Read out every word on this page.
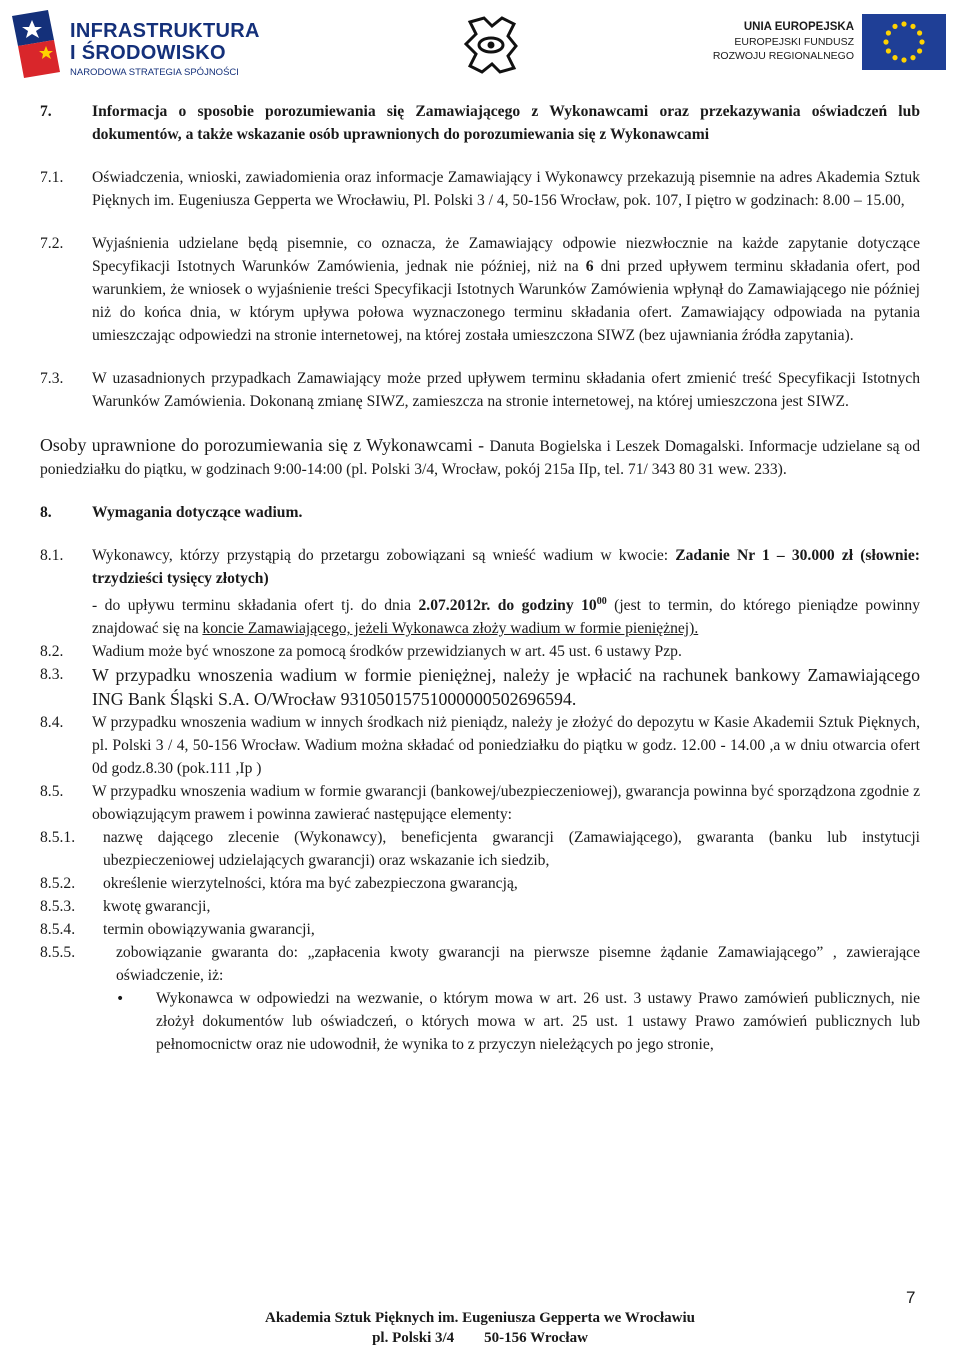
INFRASTRUKTURA
I ŚRODOWISKO
NARODOWA STRATEGIA SPÓJNOŚCI
UNIA EUROPEJSKA
EUROPEJSKI FUNDUSZ
ROZWOJU REGIONALNEGO
7.	Informacja o sposobie porozumiewania się Zamawiającego z Wykonawcami oraz przekazywania oświadczeń lub dokumentów, a także wskazanie osób uprawnionych do porozumiewania się z Wykonawcami
7.1.	Oświadczenia, wnioski, zawiadomienia oraz informacje Zamawiający i Wykonawcy przekazują pisemnie na adres Akademia Sztuk Pięknych im. Eugeniusza Gepperta we Wrocławiu, Pl. Polski 3 / 4, 50-156 Wrocław, pok. 107, I piętro w godzinach: 8.00 – 15.00,
7.2.	Wyjaśnienia udzielane będą pisemnie, co oznacza, że Zamawiający odpowie niezwłocznie na każde zapytanie dotyczące Specyfikacji Istotnych Warunków Zamówienia, jednak nie później, niż na 6 dni przed upływem terminu składania ofert, pod warunkiem, że wniosek o wyjaśnienie treści Specyfikacji Istotnych Warunków Zamówienia wpłynął do Zamawiającego nie później niż do końca dnia, w którym upływa połowa wyznaczonego terminu składania ofert. Zamawiający odpowiada na pytania umieszczając odpowiedzi na stronie internetowej, na której została umieszczona SIWZ (bez ujawniania źródła zapytania).
7.3.	W uzasadnionych przypadkach Zamawiający może przed upływem terminu składania ofert zmienić treść Specyfikacji Istotnych Warunków Zamówienia. Dokonaną zmianę SIWZ, zamieszcza na stronie internetowej, na której umieszczona jest SIWZ.
Osoby uprawnione do porozumiewania się z Wykonawcami - Danuta Bogielska i Leszek Domagalski. Informacje udzielane są od poniedziałku do piątku, w godzinach 9:00-14:00 (pl. Polski 3/4, Wrocław, pokój 215a IIp, tel. 71/ 343 80 31 wew. 233).
8.	Wymagania dotyczące wadium.
8.1.	Wykonawcy, którzy przystąpią do przetargu zobowiązani są wnieść wadium w kwocie: Zadanie Nr 1 – 30.000 zł (słownie: trzydzieści tysięcy złotych)
- do upływu terminu składania ofert tj. do dnia 2.07.2012r. do godziny $10^{00}$ (jest to termin, do którego pieniądze powinny znajdować się na koncie Zamawiającego, jeżeli Wykonawca złoży wadium w formie pieniężnej).
8.2.	Wadium może być wnoszone za pomocą środków przewidzianych w art. 45 ust. 6 ustawy Pzp.
8.3.	W przypadku wnoszenia wadium w formie pieniężnej, należy je wpłacić na rachunek bankowy Zamawiającego ING Bank Śląski S.A. O/Wrocław 93105015751000000502696594.
8.4.	W przypadku wnoszenia wadium w innych środkach niż pieniądz, należy je złożyć do depozytu w Kasie Akademii Sztuk Pięknych, pl. Polski 3 / 4, 50-156 Wrocław. Wadium można składać od poniedziałku do piątku w godz. 12.00 - 14.00 ,a w dniu otwarcia ofert 0d godz.8.30 (pok.111 ,Ip )
8.5.	W przypadku wnoszenia wadium w formie gwarancji (bankowej/ubezpieczeniowej), gwarancja powinna być sporządzona zgodnie z obowiązującym prawem i powinna zawierać następujące elementy:
8.5.1.	nazwę dającego zlecenie (Wykonawcy), beneficjenta gwarancji (Zamawiającego), gwaranta (banku lub instytucji ubezpieczeniowej udzielających gwarancji) oraz wskazanie ich siedzib,
8.5.2.	określenie wierzytelności, która ma być zabezpieczona gwarancją,
8.5.3.	kwotę gwarancji,
8.5.4.	termin obowiązywania gwarancji,
8.5.5.	zobowiązanie gwaranta do: „zapłacenia kwoty gwarancji na pierwsze pisemne żądanie Zamawiającego” , zawierające oświadczenie, iż:
•
Wykonawca w odpowiedzi na wezwanie, o którym mowa w art. 26 ust. 3 ustawy Prawo zamówień publicznych, nie złożył dokumentów lub oświadczeń, o których mowa w art. 25 ust. 1 ustawy Prawo zamówień publicznych lub pełnomocnictw oraz nie udowodnił, że wynika to z przyczyn nieleżących po jego stronie,
7
Akademia Sztuk Pięknych im. Eugeniusza Gepperta we Wrocławiu
pl. Polski 3/4        50-156 Wrocław
